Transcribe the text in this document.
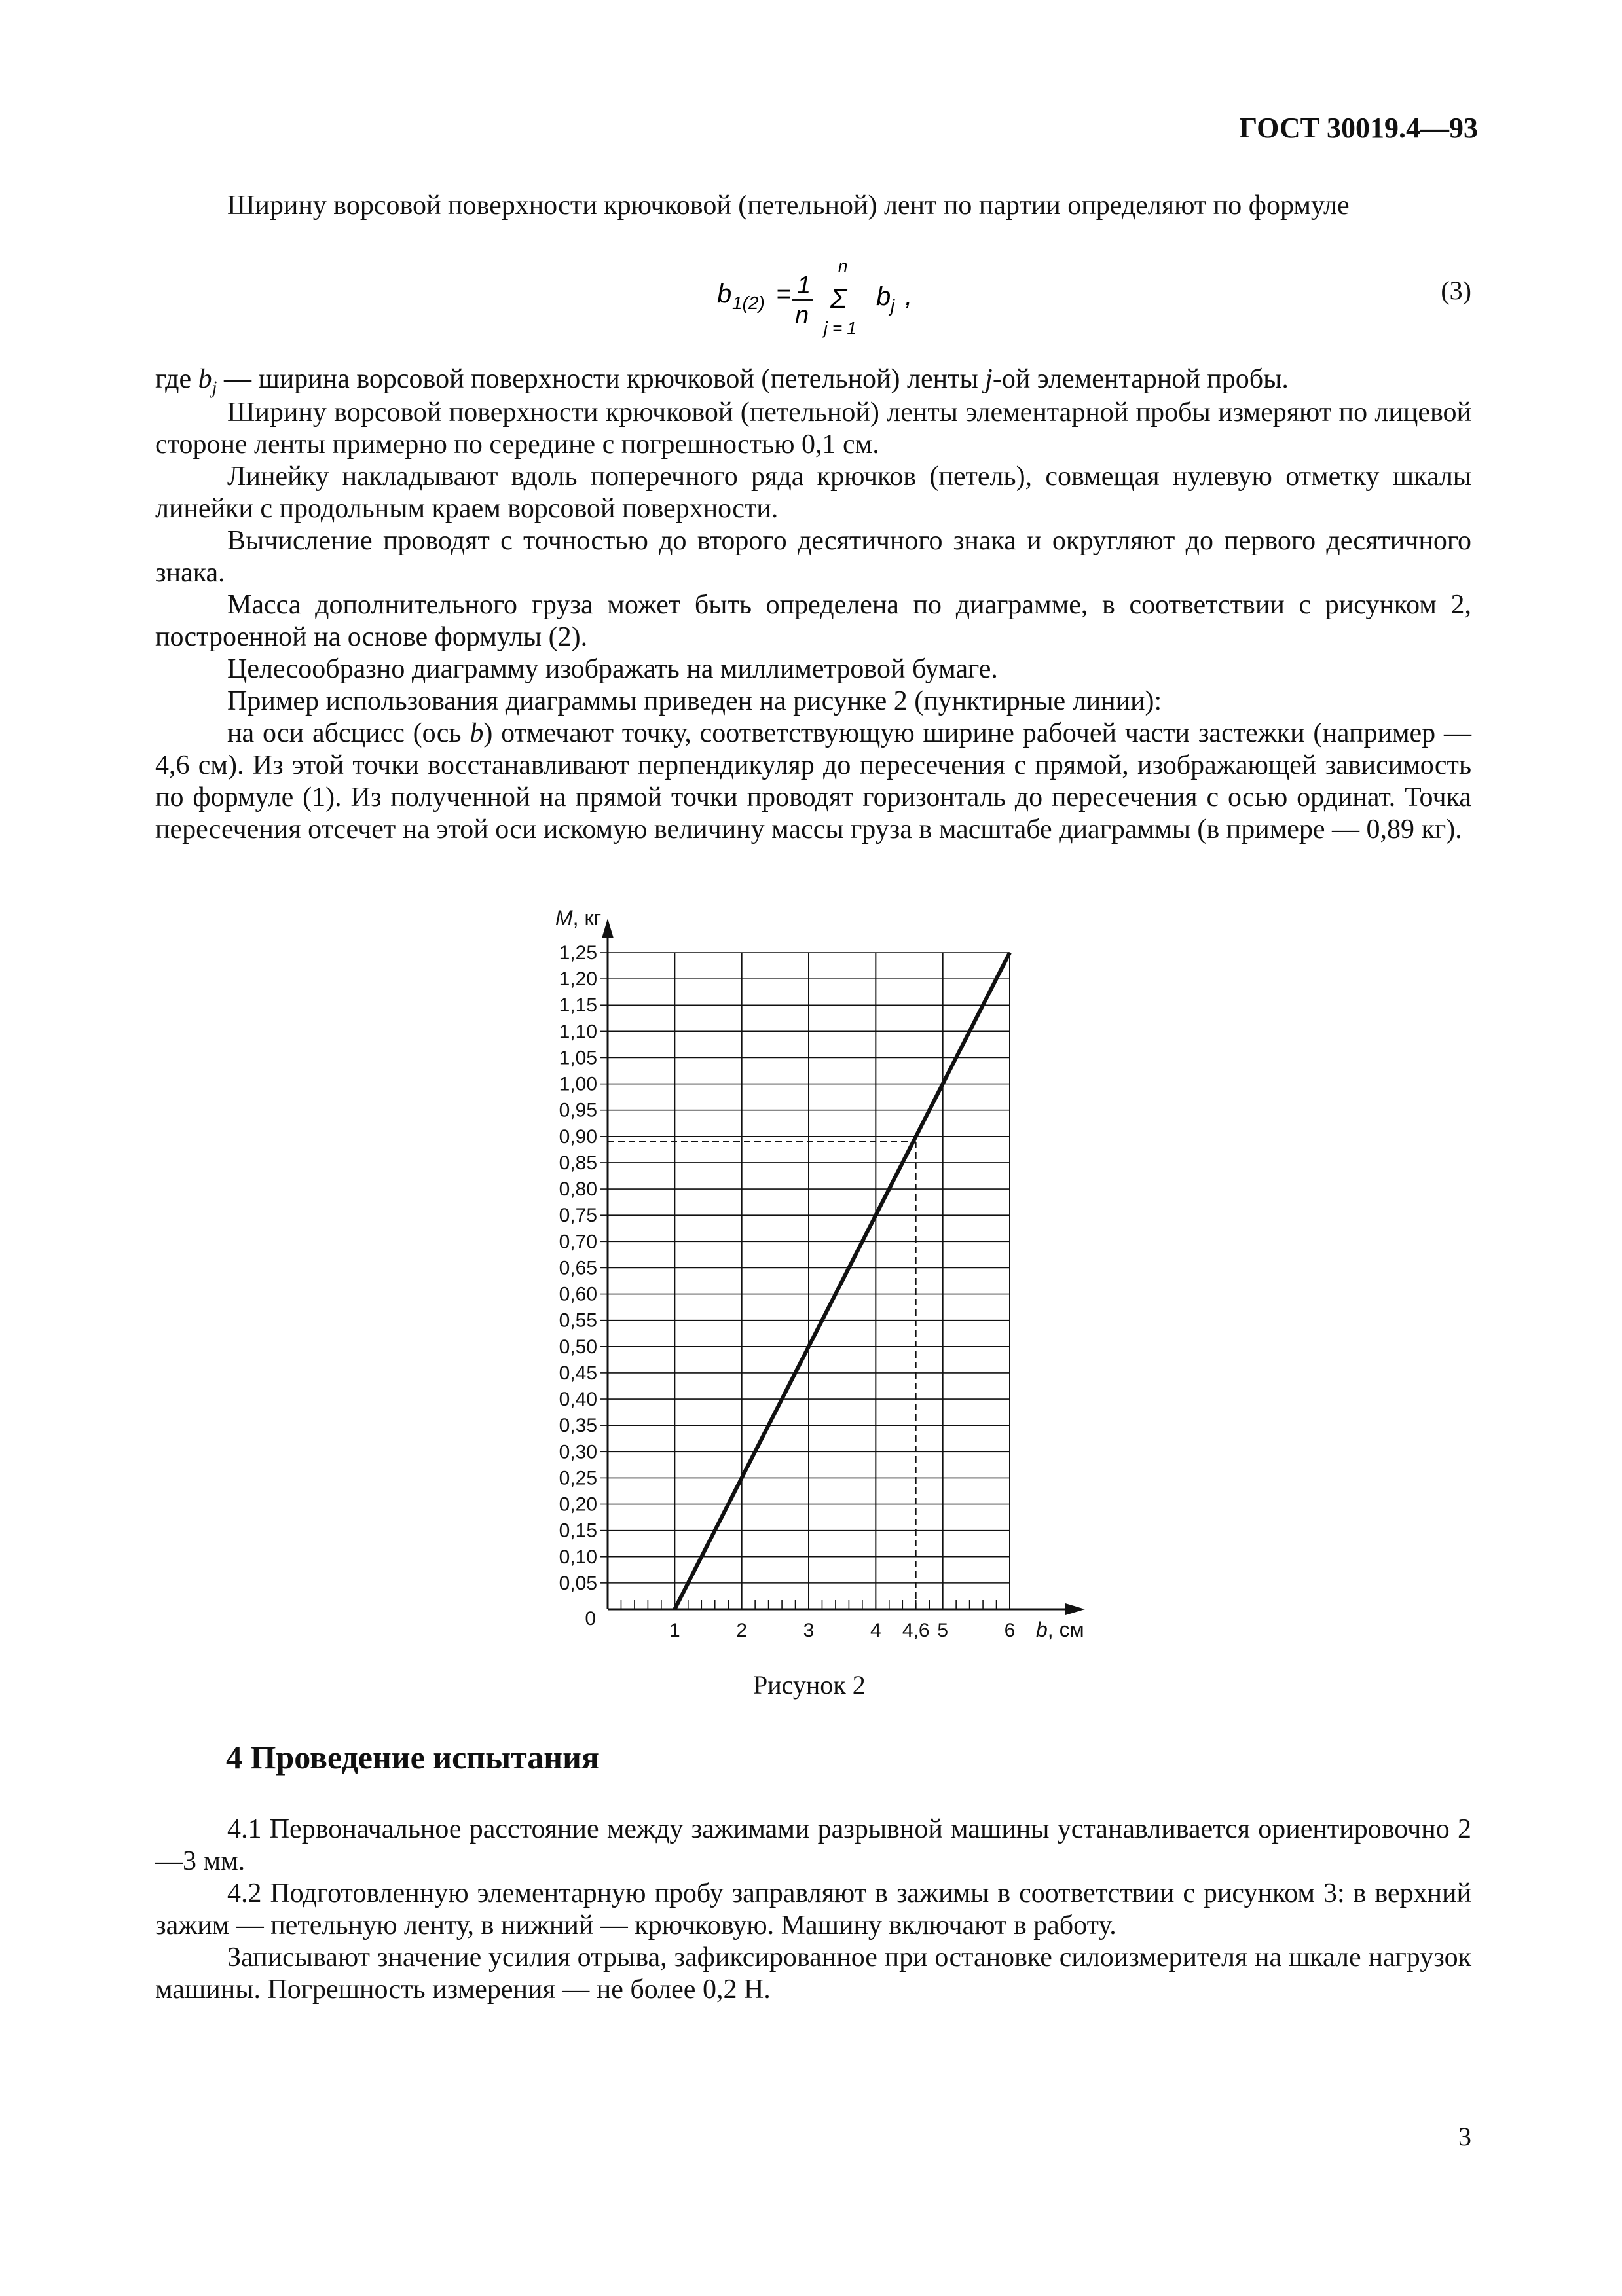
ГОСТ 30019.4—93
Ширину ворсовой поверхности крючковой (петельной) лент по партии определяют по формуле
b 1(2) = 1
n
n
Σ
j = 1
b j ,	(3)
где $b_j$ — ширина ворсовой поверхности крючковой (петельной) ленты j-ой элементарной пробы.
Ширину ворсовой поверхности крючковой (петельной) ленты элементарной пробы измеряют по лицевой стороне ленты примерно по середине с погрешностью 0,1 см.
Линейку накладывают вдоль поперечного ряда крючков (петель), совмещая нулевую отметку шкалы линейки с продольным краем ворсовой поверхности.
Вычисление проводят с точностью до второго десятичного знака и округляют до первого десятичного знака.
Масса дополнительного груза может быть определена по диаграмме, в соответствии с рисунком 2, построенной на основе формулы (2).
Целесообразно диаграмму изображать на миллиметровой бумаге.
Пример использования диаграммы приведен на рисунке 2 (пунктирные линии):
на оси абсцисс (ось b) отмечают точку, соответствующую ширине рабочей части застежки (например — 4,6 см). Из этой точки восстанавливают перпендикуляр до пересечения с прямой, изображающей зависимость по формуле (1). Из полученной на прямой точки проводят горизонталь до пересечения с осью ординат. Точка пересечения отсечет на этой оси искомую величину массы груза в масштабе диаграммы (в примере — 0,89 кг).
0,05
0,10
0,15
0,20
0,25
0,30
0,35
0,40
0,45
0,50
0,55
0,60
0,65
0,70
0,75
0,80
0,85
0,90
0,95
1,00
1,05
1,10
1,15
1,20
1,25
1	2	3	4 4,6 5	6
M, кг
b, см
0
Рисунок 2
4 Проведение испытания
4.1 Первоначальное расстояние между зажимами разрывной машины устанавливается ориентировочно 2—3 мм.
4.2 Подготовленную элементарную пробу заправляют в зажимы в соответствии с рисунком 3: в верхний зажим — петельную ленту, в нижний — крючковую. Машину включают в работу.
Записывают значение усилия отрыва, зафиксированное при остановке силоизмерителя на шкале нагрузок машины. Погрешность измерения — не более 0,2 Н.
3
